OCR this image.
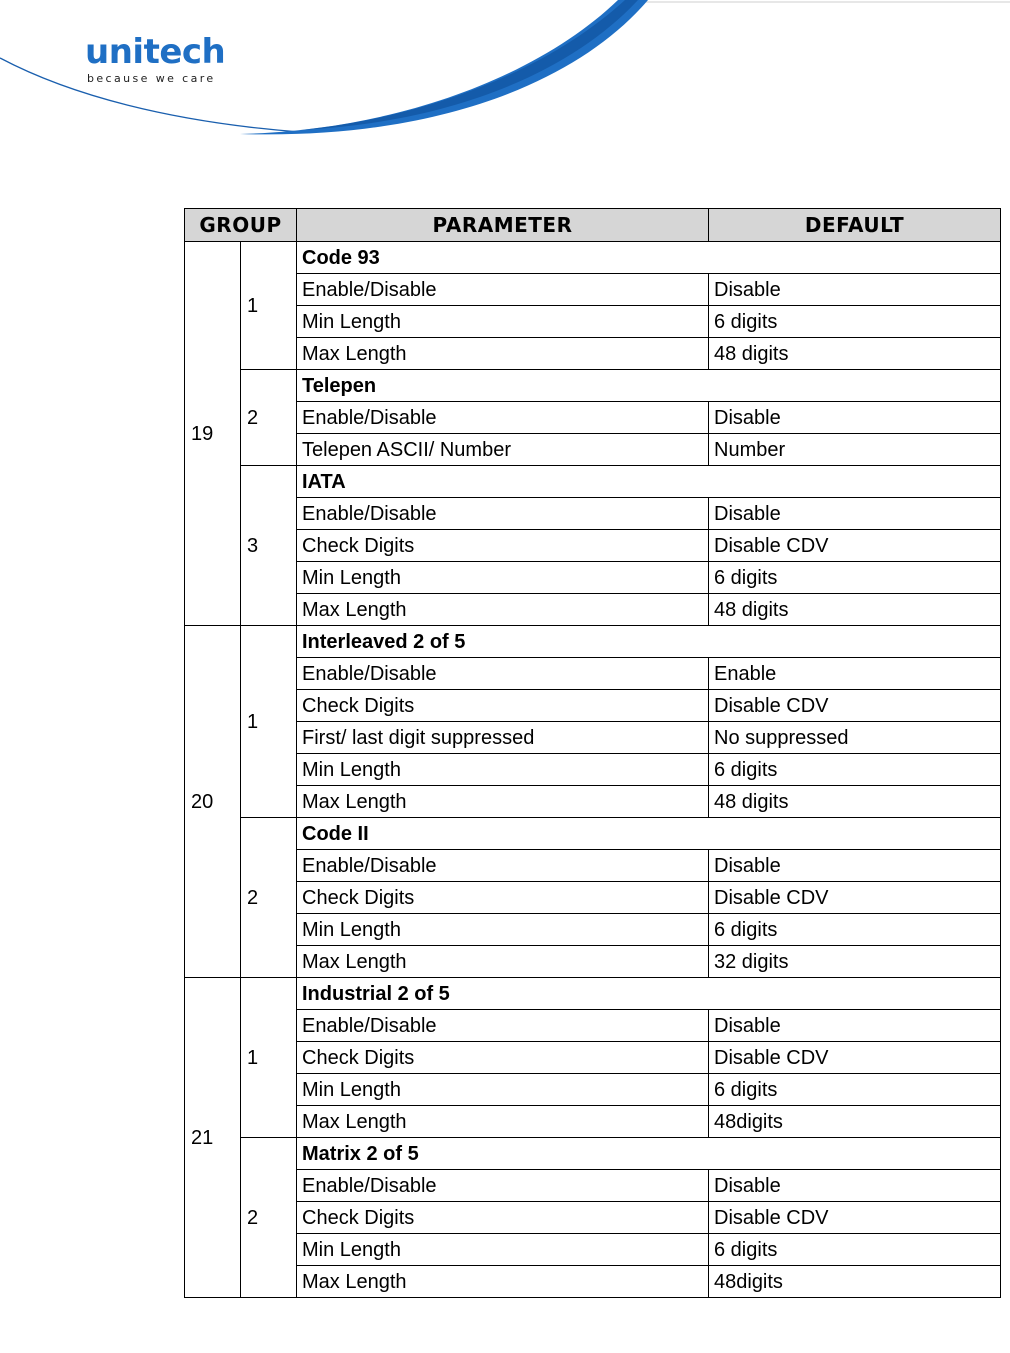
unitech
because we care
GROUP		PARAMETER	DEFAULT
19	1	Code 93	
		Enable/Disable	Disable
		Min Length	6 digits
		Max Length	48 digits
	2	Telepen	
		Enable/Disable	Disable
		Telepen ASCII/ Number	Number
	3	IATA	
		Enable/Disable	Disable
		Check Digits	Disable CDV
		Min Length	6 digits
		Max Length	48 digits
20	1	Interleaved 2 of 5	
		Enable/Disable	Enable
		Check Digits	Disable CDV
		First/ last digit suppressed	No suppressed
		Min Length	6 digits
		Max Length	48 digits
	2	Code II	
		Enable/Disable	Disable
		Check Digits	Disable CDV
		Min Length	6 digits
		Max Length	32 digits
21	1	Industrial 2 of 5	
		Enable/Disable	Disable
		Check Digits	Disable CDV
		Min Length	6 digits
		Max Length	48digits
	2	Matrix 2 of 5	
		Enable/Disable	Disable
		Check Digits	Disable CDV
		Min Length	6 digits
		Max Length	48digits
